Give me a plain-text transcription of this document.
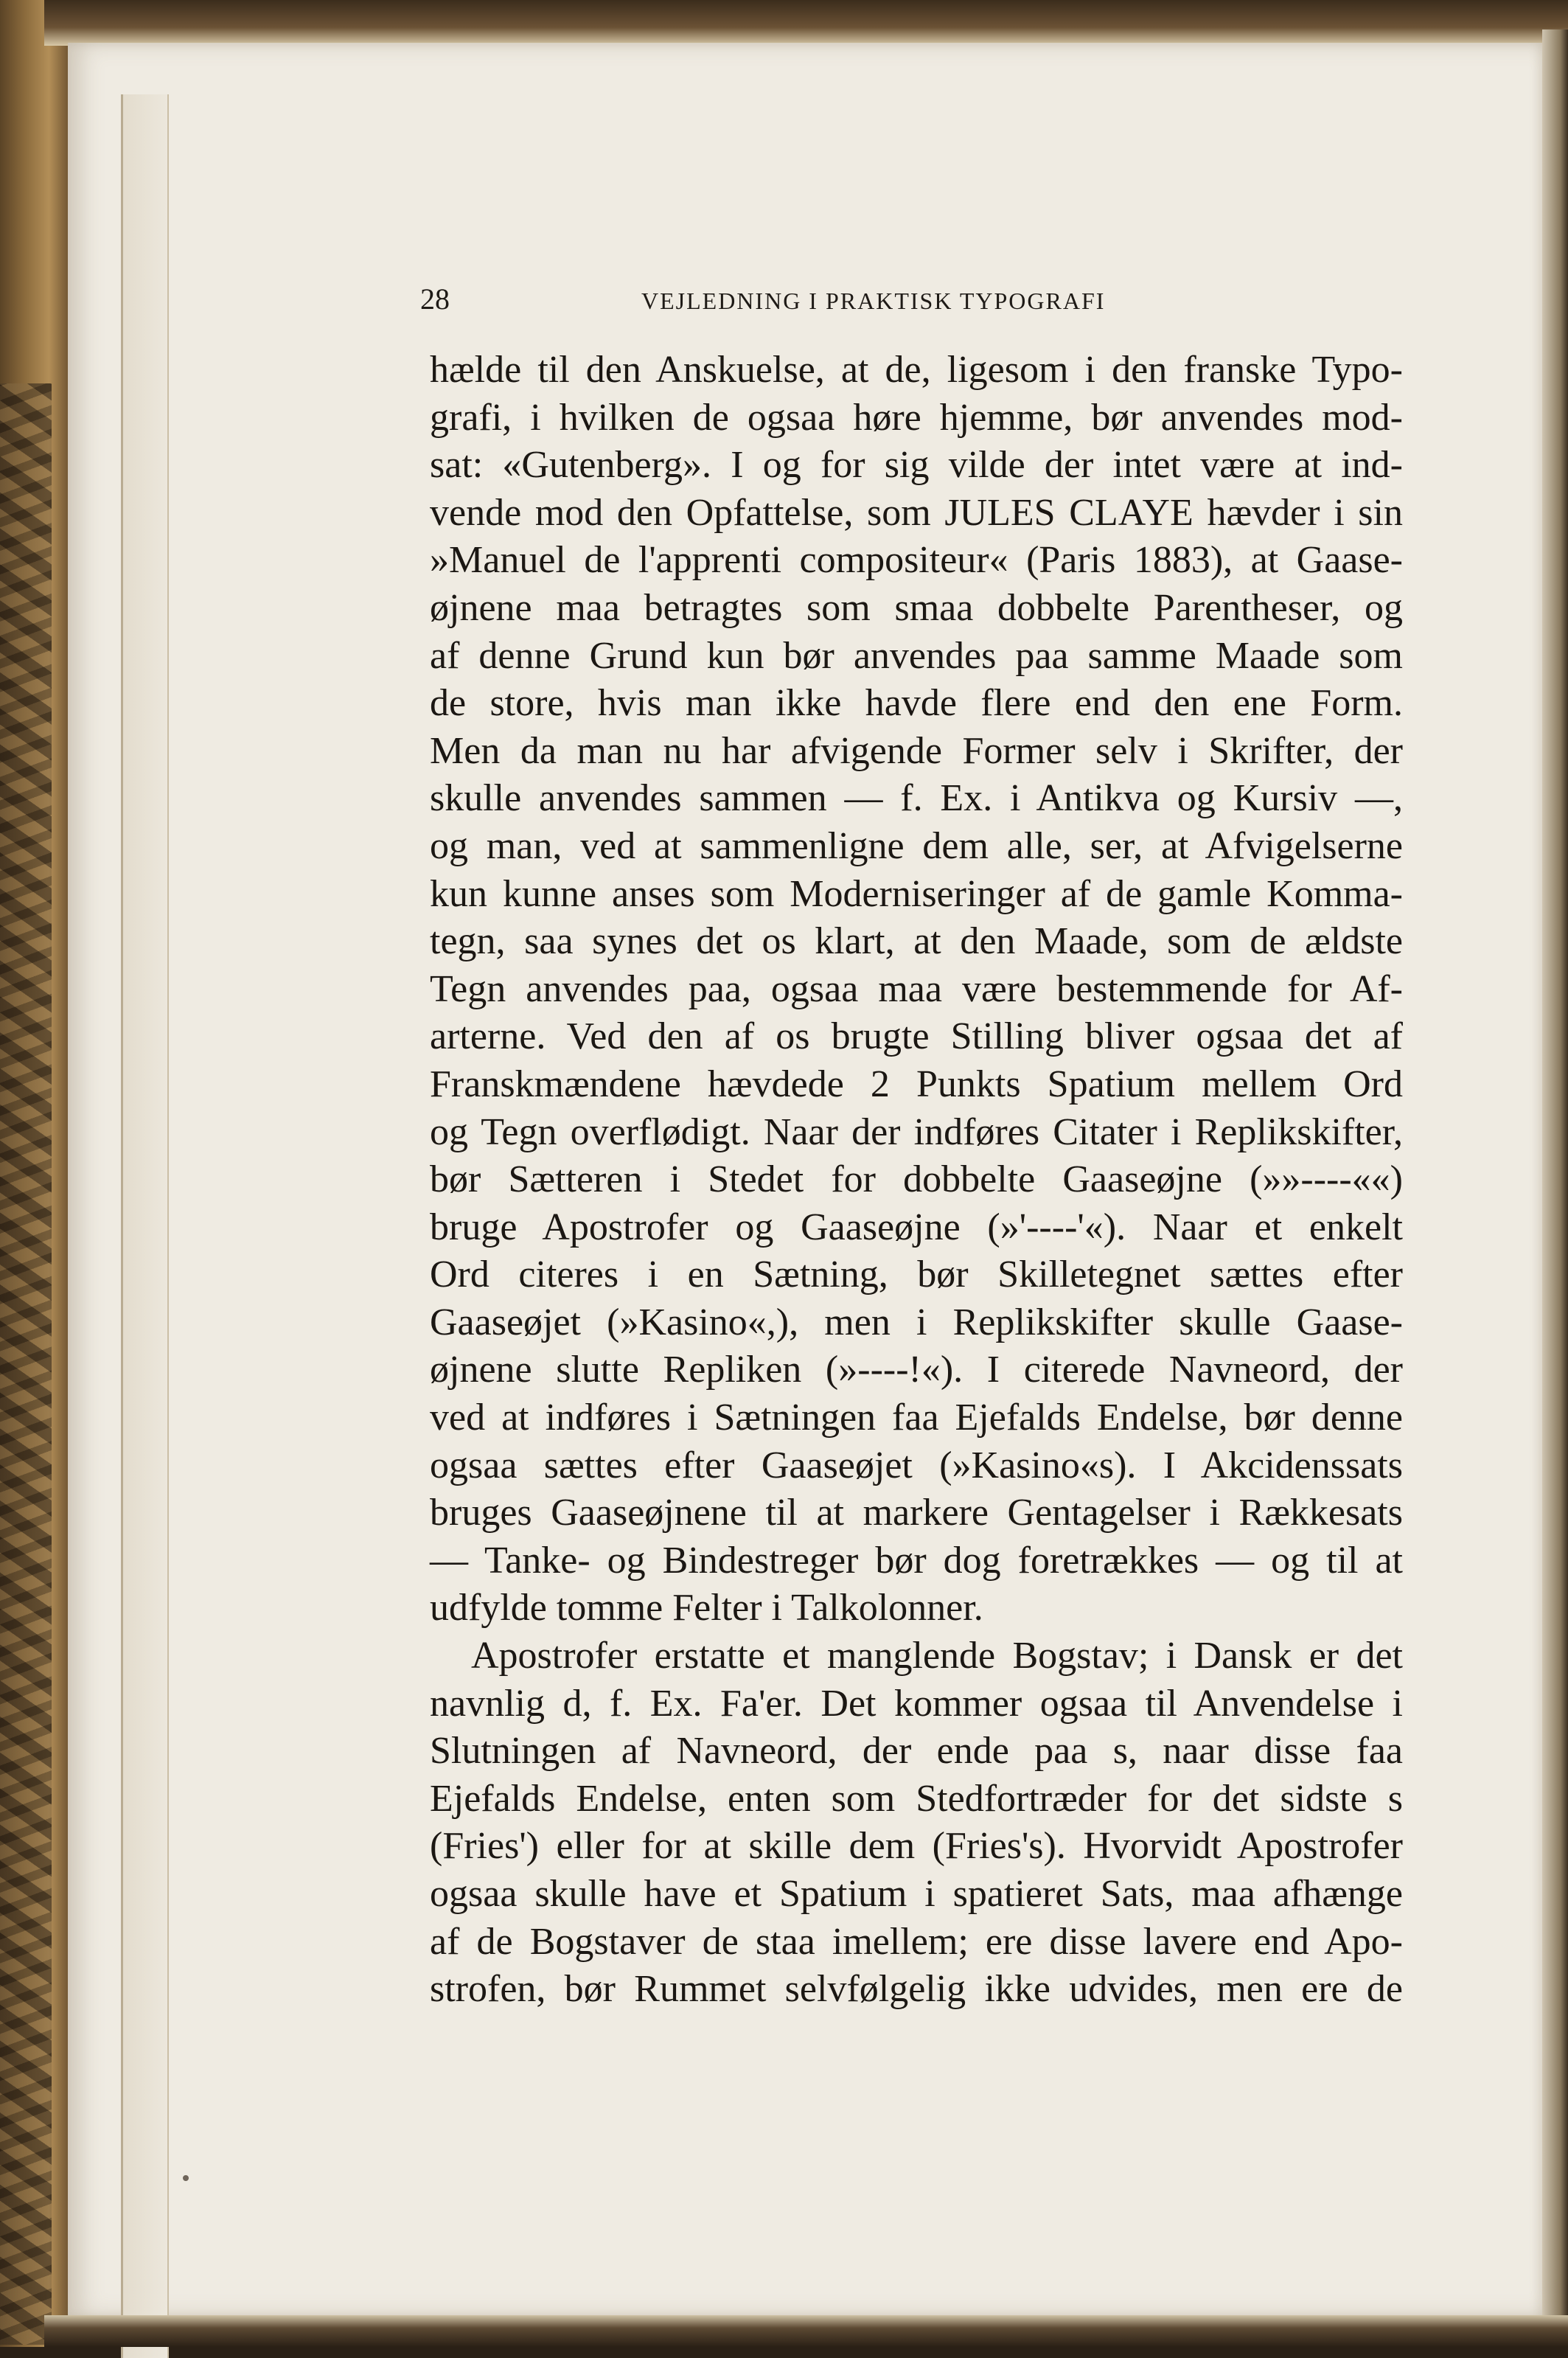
28	VEJLEDNING I PRAKTISK TYPOGRAFI
hælde til den Anskuelse, at de, ligesom i den franske Typo-
grafi, i hvilken de ogsaa høre hjemme, bør anvendes mod-
sat: «Gutenberg». I og for sig vilde der intet være at ind-
vende mod den Opfattelse, som JULES CLAYE hævder i sin
»Manuel de l'apprenti compositeur« (Paris 1883), at Gaase-
øjnene maa betragtes som smaa dobbelte Parentheser, og
af denne Grund kun bør anvendes paa samme Maade som
de store, hvis man ikke havde flere end den ene Form.
Men da man nu har afvigende Former selv i Skrifter, der
skulle anvendes sammen — f. Ex. i Antikva og Kursiv —,
og man, ved at sammenligne dem alle, ser, at Afvigelserne
kun kunne anses som Moderniseringer af de gamle Komma-
tegn, saa synes det os klart, at den Maade, som de ældste
Tegn anvendes paa, ogsaa maa være bestemmende for Af-
arterne. Ved den af os brugte Stilling bliver ogsaa det af
Franskmændene hævdede 2 Punkts Spatium mellem Ord
og Tegn overflødigt. Naar der indføres Citater i Replikskifter,
bør Sætteren i Stedet for dobbelte Gaaseøjne (»»----««)
bruge Apostrofer og Gaaseøjne (»'----'«). Naar et enkelt
Ord citeres i en Sætning, bør Skilletegnet sættes efter
Gaaseøjet (»Kasino«,), men i Replikskifter skulle Gaase-
øjnene slutte Repliken (»----!«). I citerede Navneord, der
ved at indføres i Sætningen faa Ejefalds Endelse, bør denne
ogsaa sættes efter Gaaseøjet (»Kasino«s). I Akcidenssats
bruges Gaaseøjnene til at markere Gentagelser i Rækkesats
— Tanke- og Bindestreger bør dog foretrækkes — og til at
udfylde tomme Felter i Talkolonner.
Apostrofer erstatte et manglende Bogstav; i Dansk er det
navnlig d, f. Ex. Fa'er. Det kommer ogsaa til Anvendelse i
Slutningen af Navneord, der ende paa s, naar disse faa
Ejefalds Endelse, enten som Stedfortræder for det sidste s
(Fries') eller for at skille dem (Fries's). Hvorvidt Apostrofer
ogsaa skulle have et Spatium i spatieret Sats, maa afhænge
af de Bogstaver de staa imellem; ere disse lavere end Apo-
strofen, bør Rummet selvfølgelig ikke udvides, men ere de
